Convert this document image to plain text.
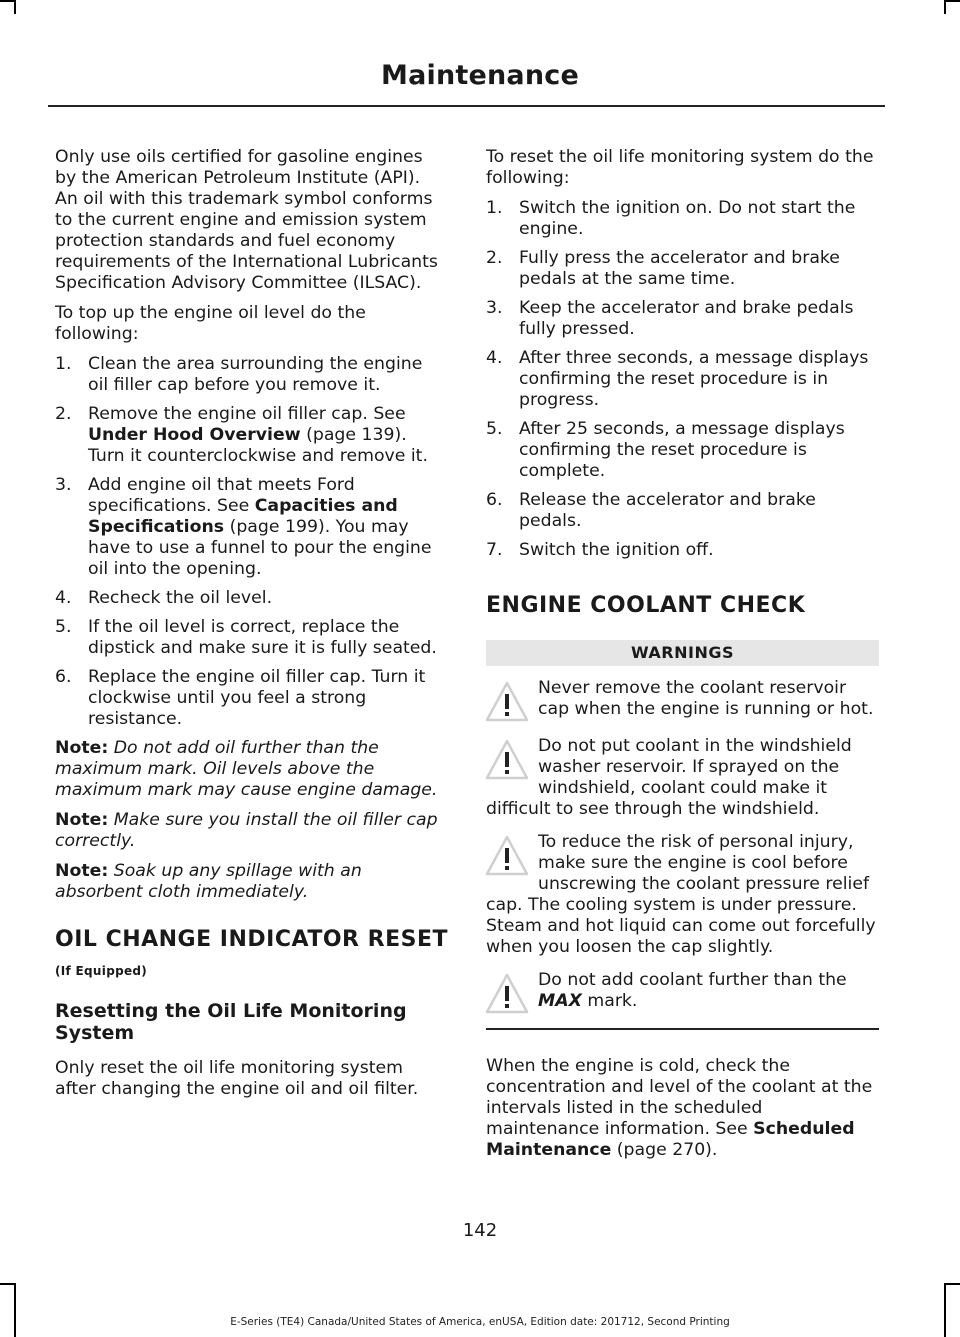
Maintenance

Only use oils certified for gasoline engines by the American Petroleum Institute (API). An oil with this trademark symbol conforms to the current engine and emission system protection standards and fuel economy requirements of the International Lubricants Specification Advisory Committee (ILSAC).

To top up the engine oil level do the following:

1. Clean the area surrounding the engine oil filler cap before you remove it.
2. Remove the engine oil filler cap. See Under Hood Overview (page 139). Turn it counterclockwise and remove it.
3. Add engine oil that meets Ford specifications. See Capacities and Specifications (page 199). You may have to use a funnel to pour the engine oil into the opening.
4. Recheck the oil level.
5. If the oil level is correct, replace the dipstick and make sure it is fully seated.
6. Replace the engine oil filler cap. Turn it clockwise until you feel a strong resistance.

Note: Do not add oil further than the maximum mark. Oil levels above the maximum mark may cause engine damage.

Note: Make sure you install the oil filler cap correctly.

Note: Soak up any spillage with an absorbent cloth immediately.

OIL CHANGE INDICATOR RESET (If Equipped)
Resetting the Oil Life Monitoring System

Only reset the oil life monitoring system after changing the engine oil and oil filter.

To reset the oil life monitoring system do the following:

1. Switch the ignition on. Do not start the engine.
2. Fully press the accelerator and brake pedals at the same time.
3. Keep the accelerator and brake pedals fully pressed.
4. After three seconds, a message displays confirming the reset procedure is in progress.
5. After 25 seconds, a message displays confirming the reset procedure is complete.
6. Release the accelerator and brake pedals.
7. Switch the ignition off.
ENGINE COOLANT CHECK
WARNINGS
Never remove the coolant reservoir cap when the engine is running or hot.
Do not put coolant in the windshield washer reservoir. If sprayed on the windshield, coolant could make it difficult to see through the windshield.
To reduce the risk of personal injury, make sure the engine is cool before unscrewing the coolant pressure relief cap. The cooling system is under pressure. Steam and hot liquid can come out forcefully when you loosen the cap slightly.
Do not add coolant further than the MAX mark.

When the engine is cold, check the concentration and level of the coolant at the intervals listed in the scheduled maintenance information. See Scheduled Maintenance (page 270).

142
E-Series (TE4) Canada/United States of America, enUSA, Edition date: 201712, Second Printing
